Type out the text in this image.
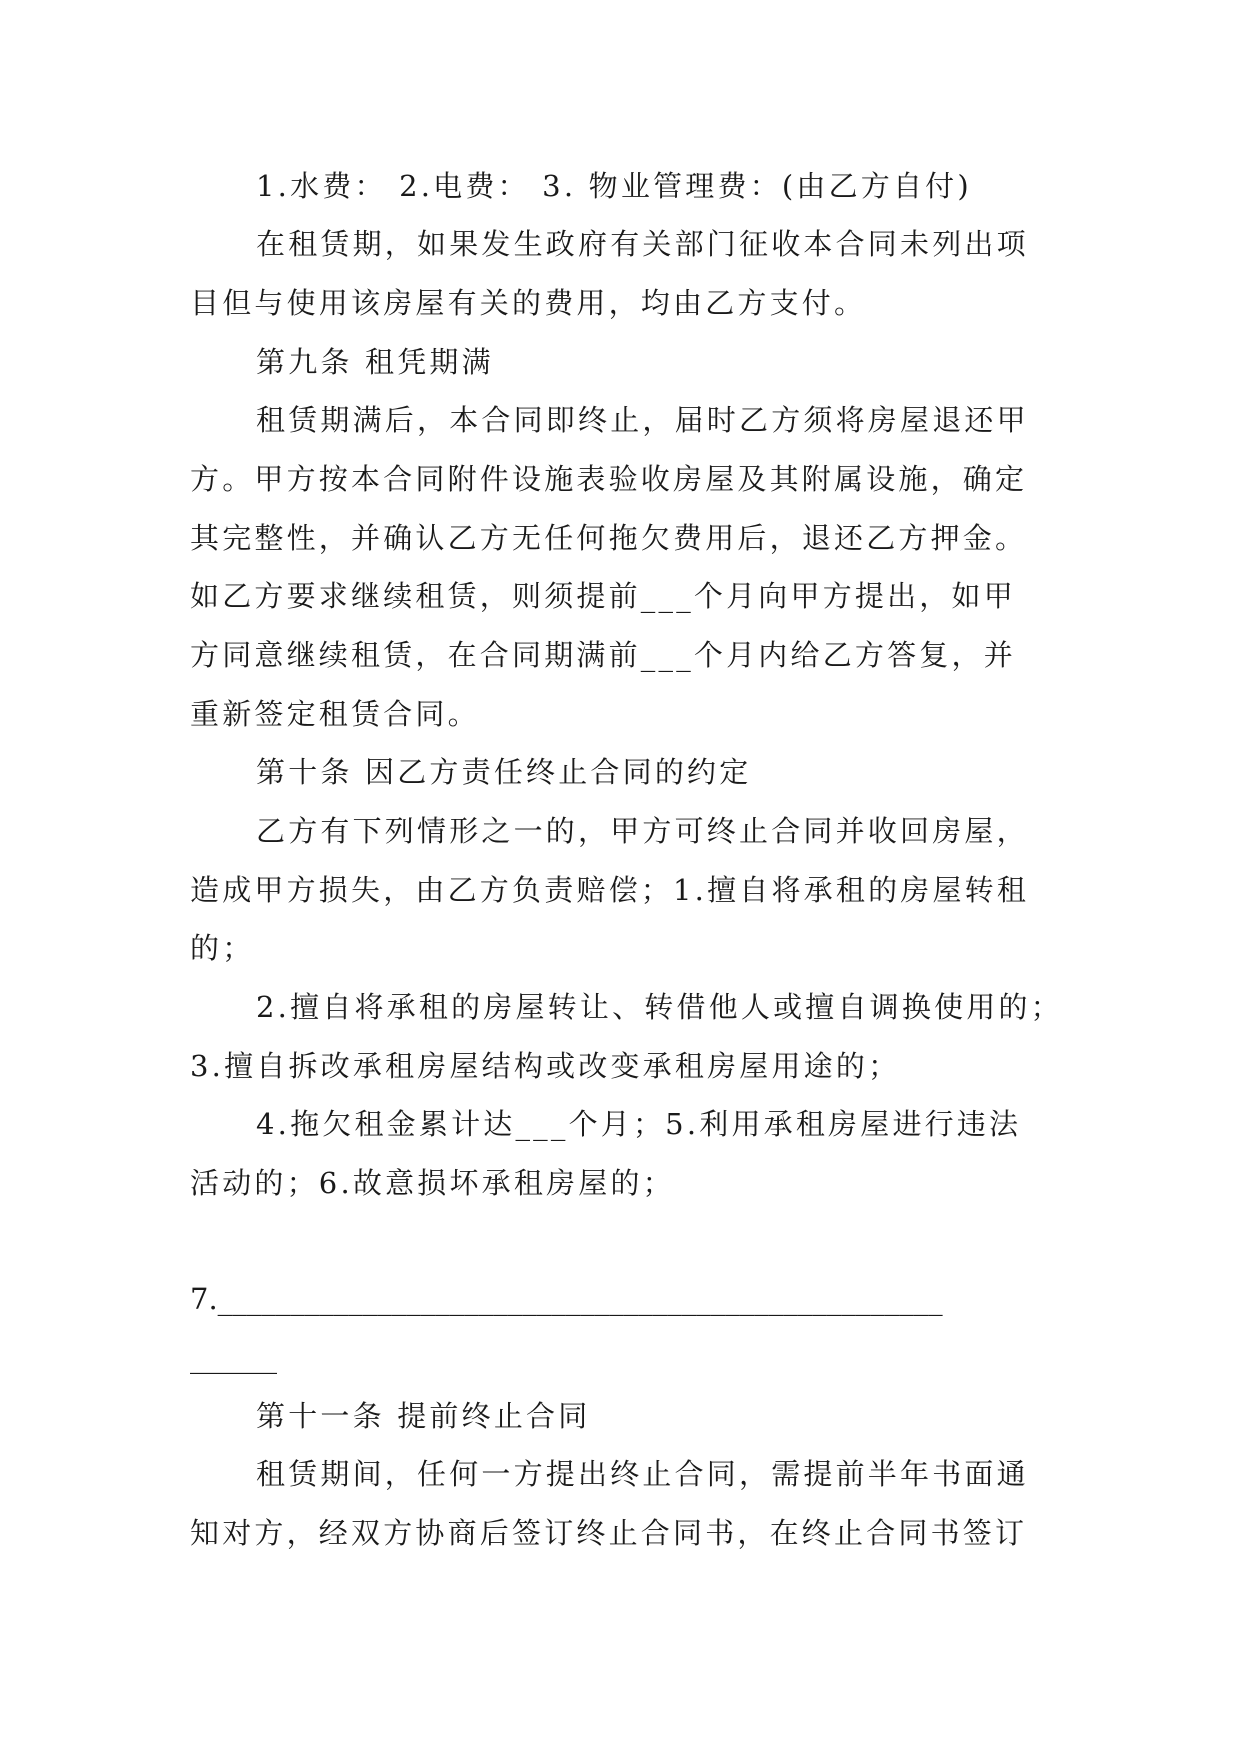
1.水费： 2.电费： 3. 物业管理费：(由乙方自付)
在租赁期，如果发生政府有关部门征收本合同未列出项
目但与使用该房屋有关的费用，均由乙方支付。
第九条 租凭期满
租赁期满后，本合同即终止，届时乙方须将房屋退还甲
方。甲方按本合同附件设施表验收房屋及其附属设施，确定
其完整性，并确认乙方无任何拖欠费用后，退还乙方押金。
如乙方要求继续租赁，则须提前___个月向甲方提出，如甲
方同意继续租赁，在合同期满前___个月内给乙方答复，并
重新签定租赁合同。
第十条 因乙方责任终止合同的约定
乙方有下列情形之一的，甲方可终止合同并收回房屋，
造成甲方损失，由乙方负责赔偿；1.擅自将承租的房屋转租
的；
2.擅自将承租的房屋转让、转借他人或擅自调换使用的；
3.擅自拆改承租房屋结构或改变承租房屋用途的；
4.拖欠租金累计达___个月；5.利用承租房屋进行违法
活动的；6.故意损坏承租房屋的；
7.__________________________________________________
______
第十一条 提前终止合同
租赁期间，任何一方提出终止合同，需提前半年书面通
知对方，经双方协商后签订终止合同书，在终止合同书签订
